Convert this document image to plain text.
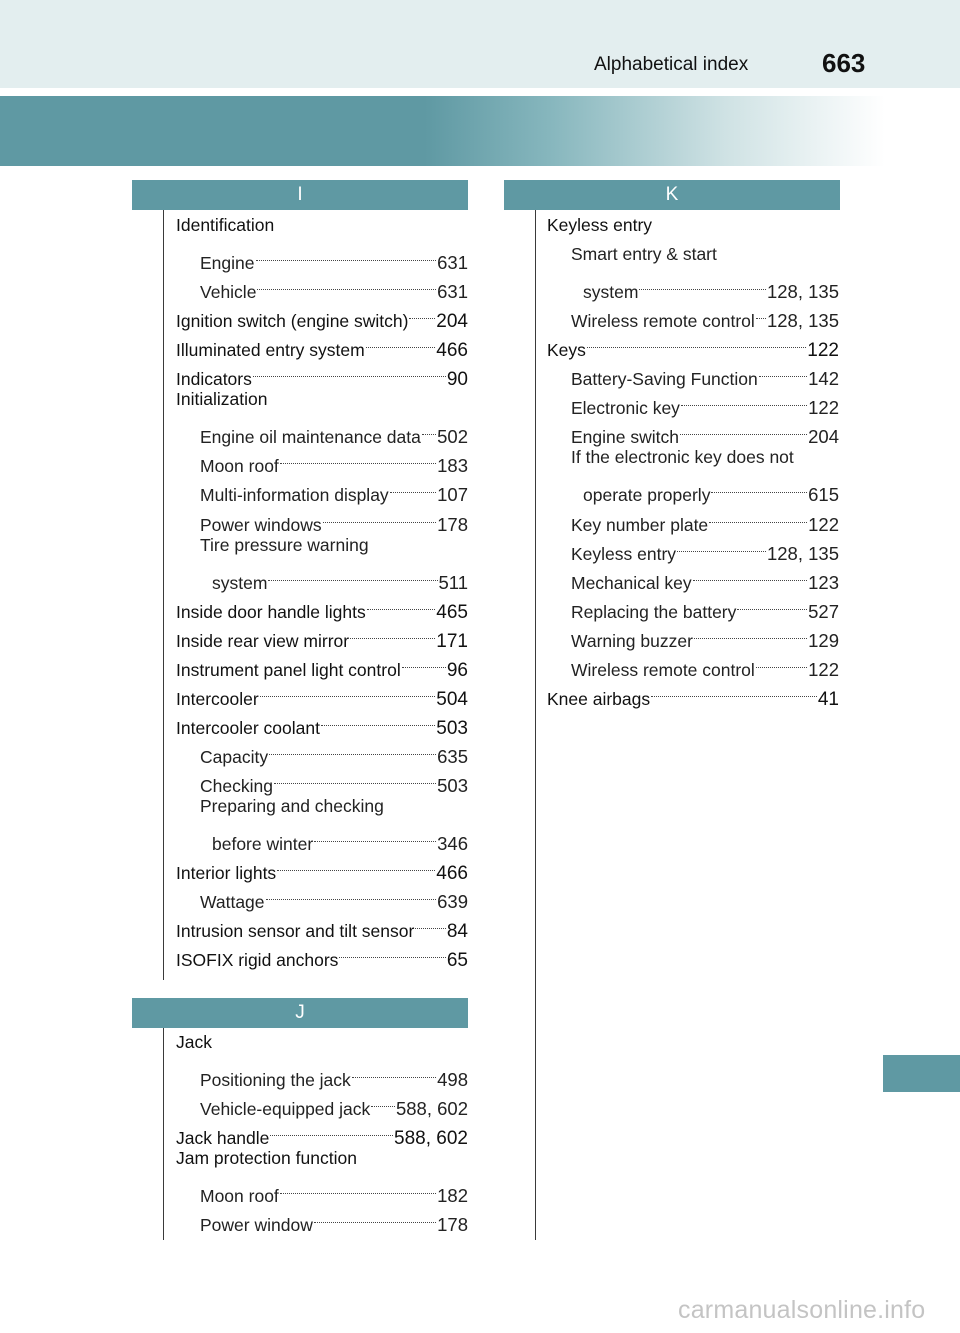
Alphabetical index	663
I
J
K
Identification
Engine	631
Vehicle	631
Ignition switch (engine switch) 204
Illuminated entry system	466
Indicators	90
Initialization
Engine oil maintenance data 502
Moon roof	183
Multi-information display	107
Power windows	178
Tire pressure warning
system	511
Inside door handle lights	465
Inside rear view mirror	171
Instrument panel light control 96
Intercooler	504
Intercooler coolant	503
Capacity	635
Checking	503
Preparing and checking
before winter	346
Interior lights	466
Wattage	639
Intrusion sensor and tilt sensor 84
ISOFIX rigid anchors	65
Jack
Positioning the jack	498
Vehicle-equipped jack 588, 602
Jack handle	588, 602
Jam protection function
Moon roof	182
Power window	178
Keyless entry
Smart entry & start
system	128, 135
Wireless remote control 128, 135
Keys	122
Battery-Saving Function	142
Electronic key	122
Engine switch	204
If the electronic key does not
operate properly	615
Key number plate	122
Keyless entry	128, 135
Mechanical key	123
Replacing the battery	527
Warning buzzer	129
Wireless remote control	122
Knee airbags	41
carmanualsonline.info
